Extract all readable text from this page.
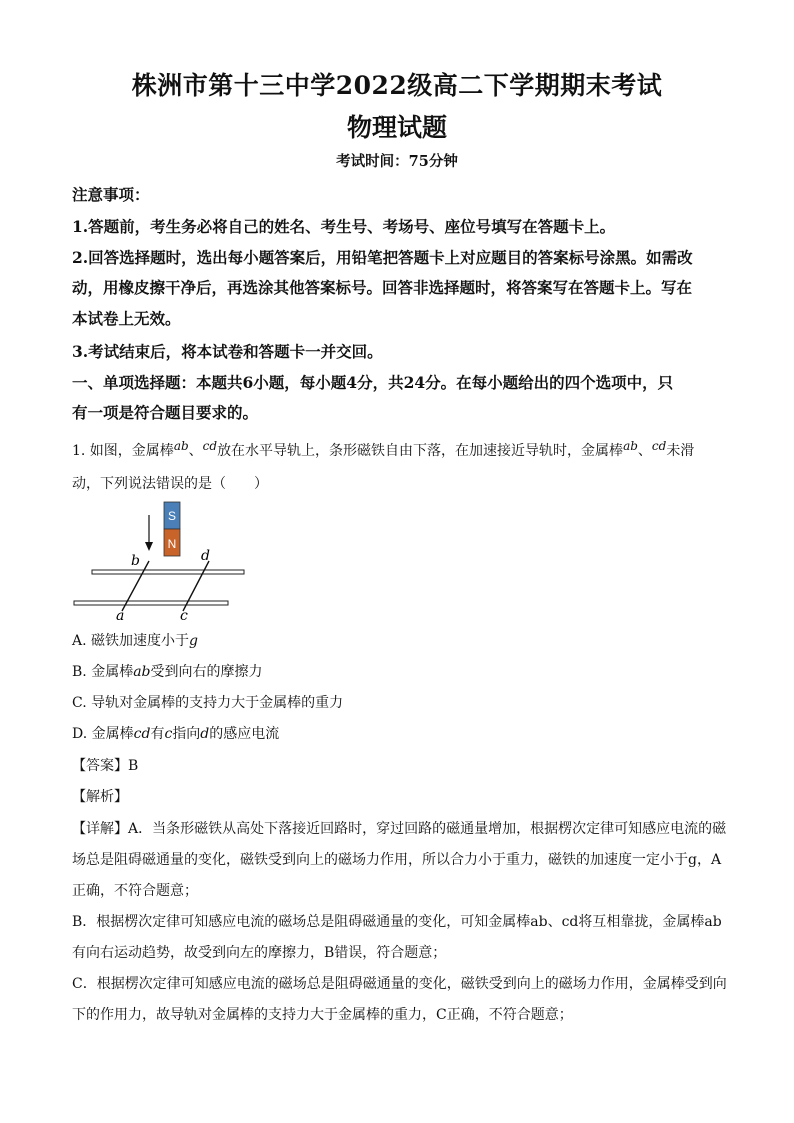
株洲市第十三中学2022级高二下学期期末考试
物理试题
考试时间：75分钟
注意事项：
1.答题前，考生务必将自己的姓名、考生号、考场号、座位号填写在答题卡上。
2.回答选择题时，选出每小题答案后，用铅笔把答题卡上对应题目的答案标号涂黑。如需改
动，用橡皮擦干净后，再选涂其他答案标号。回答非选择题时，将答案写在答题卡上。写在
本试卷上无效。
3.考试结束后，将本试卷和答题卡一并交回。
一、单项选择题：本题共6小题，每小题4分，共24分。在每小题给出的四个选项中，只
有一项是符合题目要求的。
1. 如图，金属棒ab、cd放在水平导轨上，条形磁铁自由下落，在加速接近导轨时，金属棒ab、cd未滑
动，下列说法错误的是（　　）
S
N
b	d
a	c
A. 磁铁加速度小于g
B. 金属棒ab受到向右的摩擦力
C. 导轨对金属棒的支持力大于金属棒的重力
D. 金属棒cd有c指向d的感应电流
【答案】B
【解析】
【详解】A．当条形磁铁从高处下落接近回路时，穿过回路的磁通量增加，根据楞次定律可知感应电流的磁
场总是阻碍磁通量的变化，磁铁受到向上的磁场力作用，所以合力小于重力，磁铁的加速度一定小于g，A
正确，不符合题意；
B．根据楞次定律可知感应电流的磁场总是阻碍磁通量的变化，可知金属棒ab、cd将互相靠拢，金属棒ab
有向右运动趋势，故受到向左的摩擦力，B错误，符合题意；
C．根据楞次定律可知感应电流的磁场总是阻碍磁通量的变化，磁铁受到向上的磁场力作用，金属棒受到向
下的作用力，故导轨对金属棒的支持力大于金属棒的重力，C正确，不符合题意；
